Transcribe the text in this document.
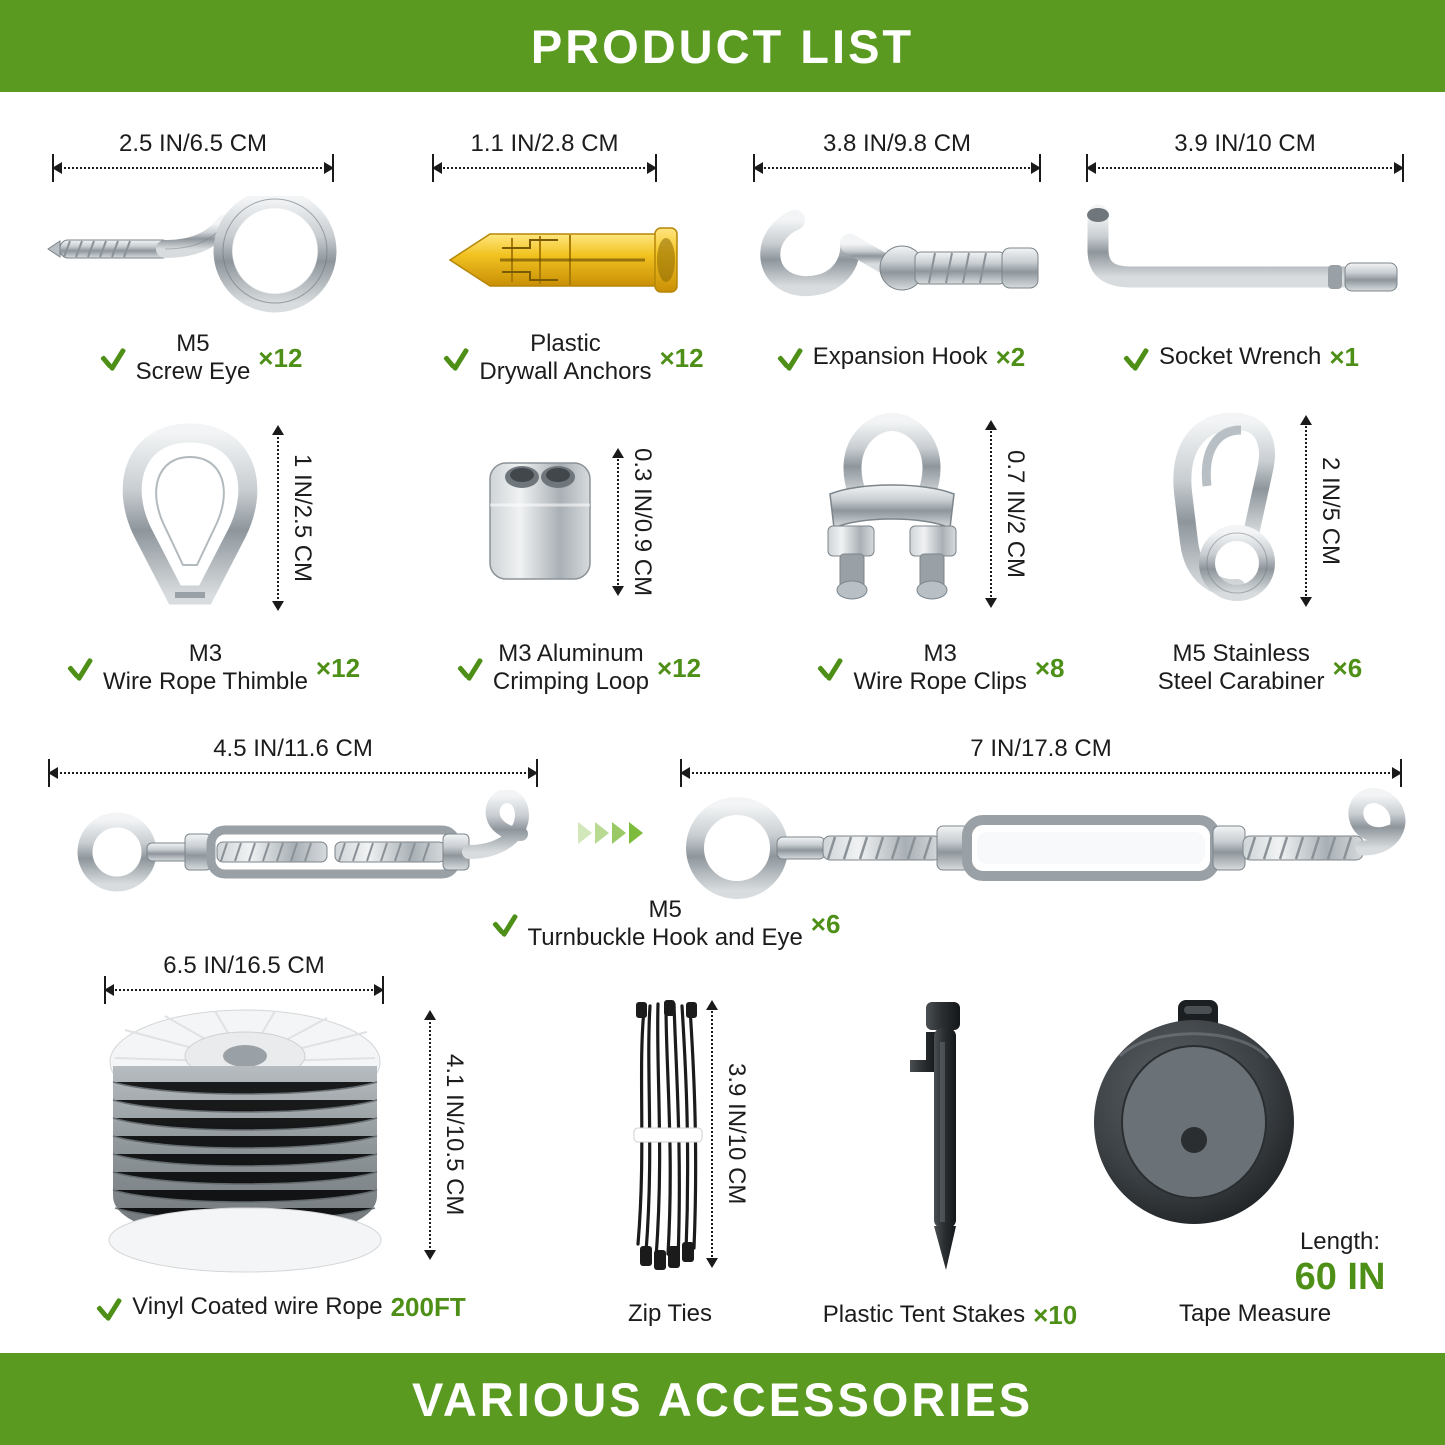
PRODUCT LIST
2.5 IN/6.5 CM
M5
Screw Eye ×12
1.1 IN/2.8 CM
Plastic
Drywall Anchors ×12
3.8 IN/9.8 CM
Expansion Hook ×2
3.9 IN/10 CM
Socket Wrench ×1
1 IN/2.5 CM
M3
Wire Rope Thimble ×12
0.3 IN/0.9 CM
M3 Aluminum
Crimping Loop ×12
0.7 IN/2 CM
M3
Wire Rope Clips ×8
2 IN/5 CM
M5 Stainless
Steel Carabiner ×6
4.5 IN/11.6 CM	7 IN/17.8 CM
M5
Turnbuckle Hook and Eye ×6
6.5 IN/16.5 CM
4.1 IN/10.5 CM
Vinyl Coated wire Rope 200FT
3.9 IN/10 CM
Zip Ties	Plastic Tent Stakes ×10
Length:
60 IN
Tape Measure
VARIOUS ACCESSORIES
